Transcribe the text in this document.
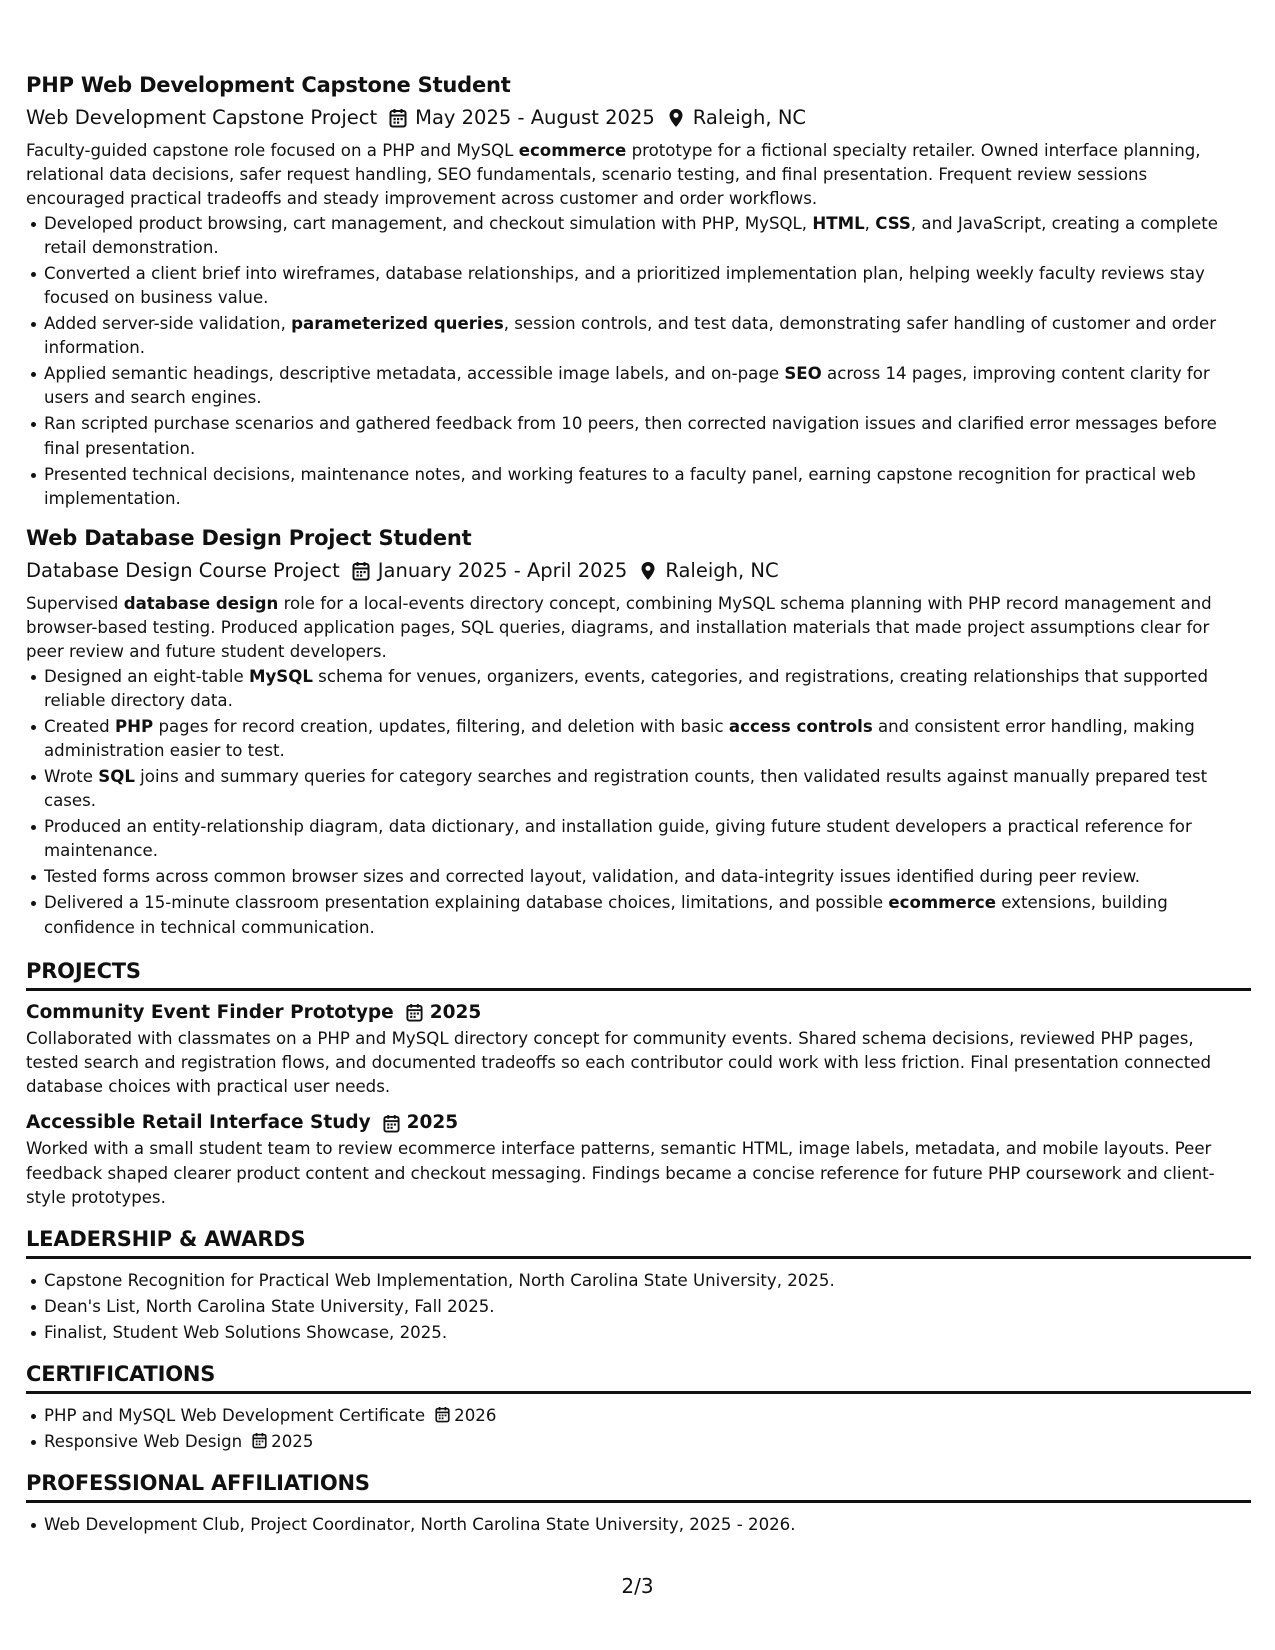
PHP Web Development Capstone Student
Web Development Capstone Project May 2025 - August 2025 Raleigh, NC

Faculty-guided capstone role focused on a PHP and MySQL ecommerce prototype for a fictional specialty retailer. Owned interface planning, relational data decisions, safer request handling, SEO fundamentals, scenario testing, and final presentation. Frequent review sessions encouraged practical tradeoffs and steady improvement across customer and order workflows.

Developed product browsing, cart management, and checkout simulation with PHP, MySQL, HTML, CSS, and JavaScript, creating a complete retail demonstration.
Converted a client brief into wireframes, database relationships, and a prioritized implementation plan, helping weekly faculty reviews stay focused on business value.
Added server-side validation, parameterized queries, session controls, and test data, demonstrating safer handling of customer and order information.
Applied semantic headings, descriptive metadata, accessible image labels, and on-page SEO across 14 pages, improving content clarity for users and search engines.
Ran scripted purchase scenarios and gathered feedback from 10 peers, then corrected navigation issues and clarified error messages before final presentation.
Presented technical decisions, maintenance notes, and working features to a faculty panel, earning capstone recognition for practical web implementation.
Web Database Design Project Student
Database Design Course Project January 2025 - April 2025 Raleigh, NC

Supervised database design role for a local-events directory concept, combining MySQL schema planning with PHP record management and browser-based testing. Produced application pages, SQL queries, diagrams, and installation materials that made project assumptions clear for peer review and future student developers.

Designed an eight-table MySQL schema for venues, organizers, events, categories, and registrations, creating relationships that supported reliable directory data.
Created PHP pages for record creation, updates, filtering, and deletion with basic access controls and consistent error handling, making administration easier to test.
Wrote SQL joins and summary queries for category searches and registration counts, then validated results against manually prepared test cases.
Produced an entity-relationship diagram, data dictionary, and installation guide, giving future student developers a practical reference for maintenance.
Tested forms across common browser sizes and corrected layout, validation, and data-integrity issues identified during peer review.
Delivered a 15-minute classroom presentation explaining database choices, limitations, and possible ecommerce extensions, building confidence in technical communication.
PROJECTS
Community Event Finder Prototype 2025

Collaborated with classmates on a PHP and MySQL directory concept for community events. Shared schema decisions, reviewed PHP pages, tested search and registration flows, and documented tradeoffs so each contributor could work with less friction. Final presentation connected database choices with practical user needs.

Accessible Retail Interface Study 2025

Worked with a small student team to review ecommerce interface patterns, semantic HTML, image labels, metadata, and mobile layouts. Peer feedback shaped clearer product content and checkout messaging. Findings became a concise reference for future PHP coursework and client-style prototypes.

LEADERSHIP & AWARDS
Capstone Recognition for Practical Web Implementation, North Carolina State University, 2025.
Dean's List, North Carolina State University, Fall 2025.
Finalist, Student Web Solutions Showcase, 2025.
CERTIFICATIONS
PHP and MySQL Web Development Certificate 2026
Responsive Web Design 2025
PROFESSIONAL AFFILIATIONS
Web Development Club, Project Coordinator, North Carolina State University, 2025 - 2026.
2/3
